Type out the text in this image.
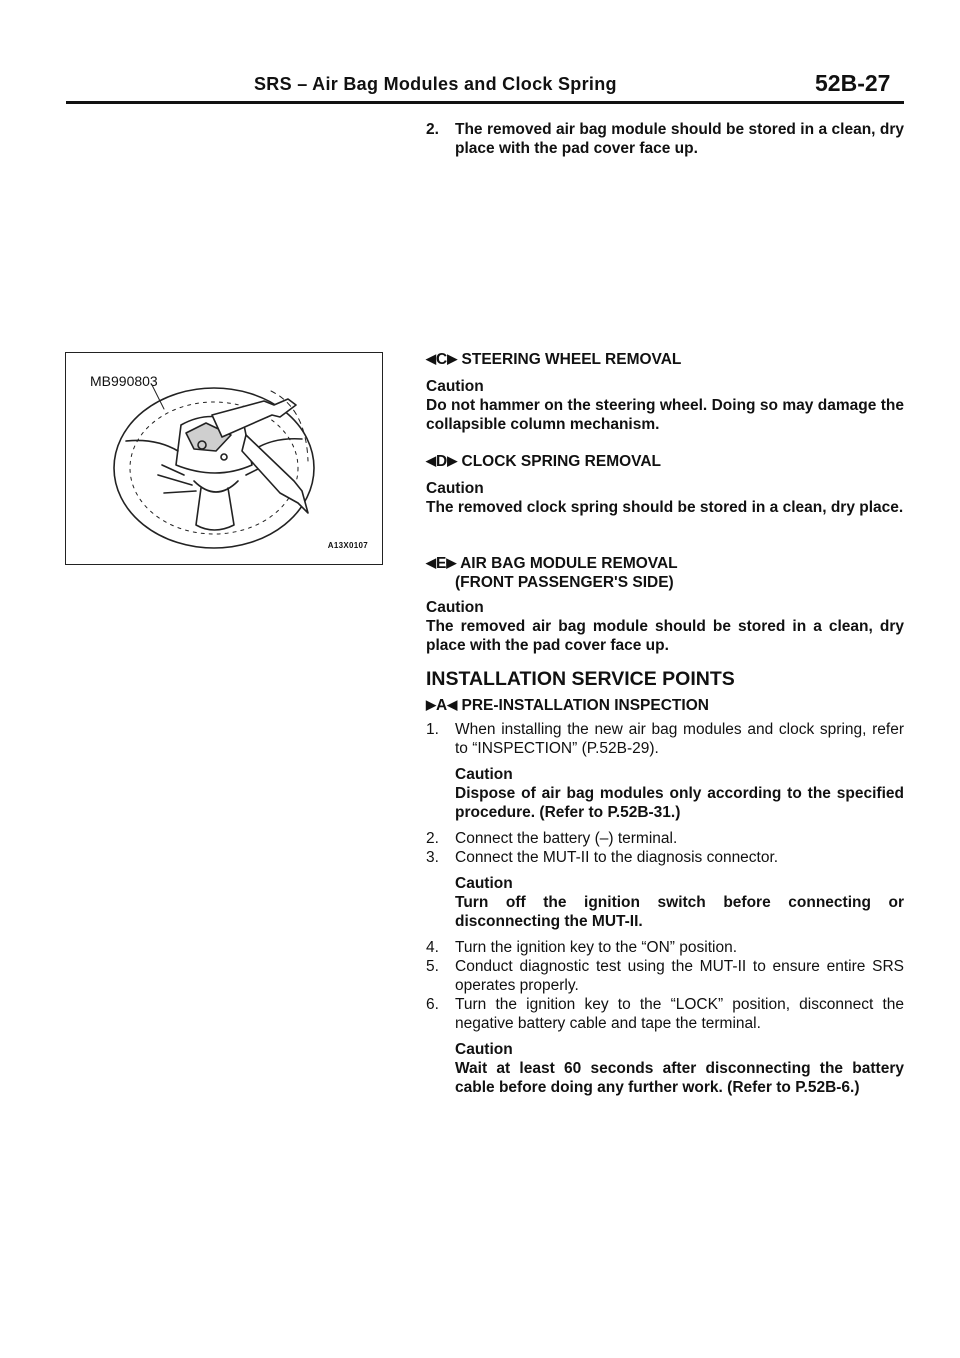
SRS – Air Bag Modules and Clock Spring	52B-27
MB990803
A13X0107
2. The removed air bag module should be stored in a clean, dry place with the pad cover face up.
◀C▶ STEERING WHEEL REMOVAL
Caution
Do not hammer on the steering wheel. Doing so may damage the collapsible column mechanism.
◀D▶ CLOCK SPRING REMOVAL
Caution
The removed clock spring should be stored in a clean, dry place.
◀E▶ AIR BAG MODULE REMOVAL
(FRONT PASSENGER'S SIDE)
Caution
The removed air bag module should be stored in a clean, dry place with the pad cover face up.
INSTALLATION SERVICE POINTS
▶A◀ PRE-INSTALLATION INSPECTION
1. When installing the new air bag modules and clock spring, refer to “INSPECTION” (P.52B-29).
Caution
Dispose of air bag modules only according to the specified procedure. (Refer to P.52B-31.)
2. Connect the battery (–) terminal.
3. Connect the MUT-II to the diagnosis connector.
Caution
Turn off the ignition switch before connecting or disconnecting the MUT-II.
4. Turn the ignition key to the “ON” position.
5. Conduct diagnostic test using the MUT-II to ensure entire SRS operates properly.
6. Turn the ignition key to the “LOCK” position, disconnect the negative battery cable and tape the terminal.
Caution
Wait at least 60 seconds after disconnecting the battery cable before doing any further work. (Refer to P.52B-6.)
